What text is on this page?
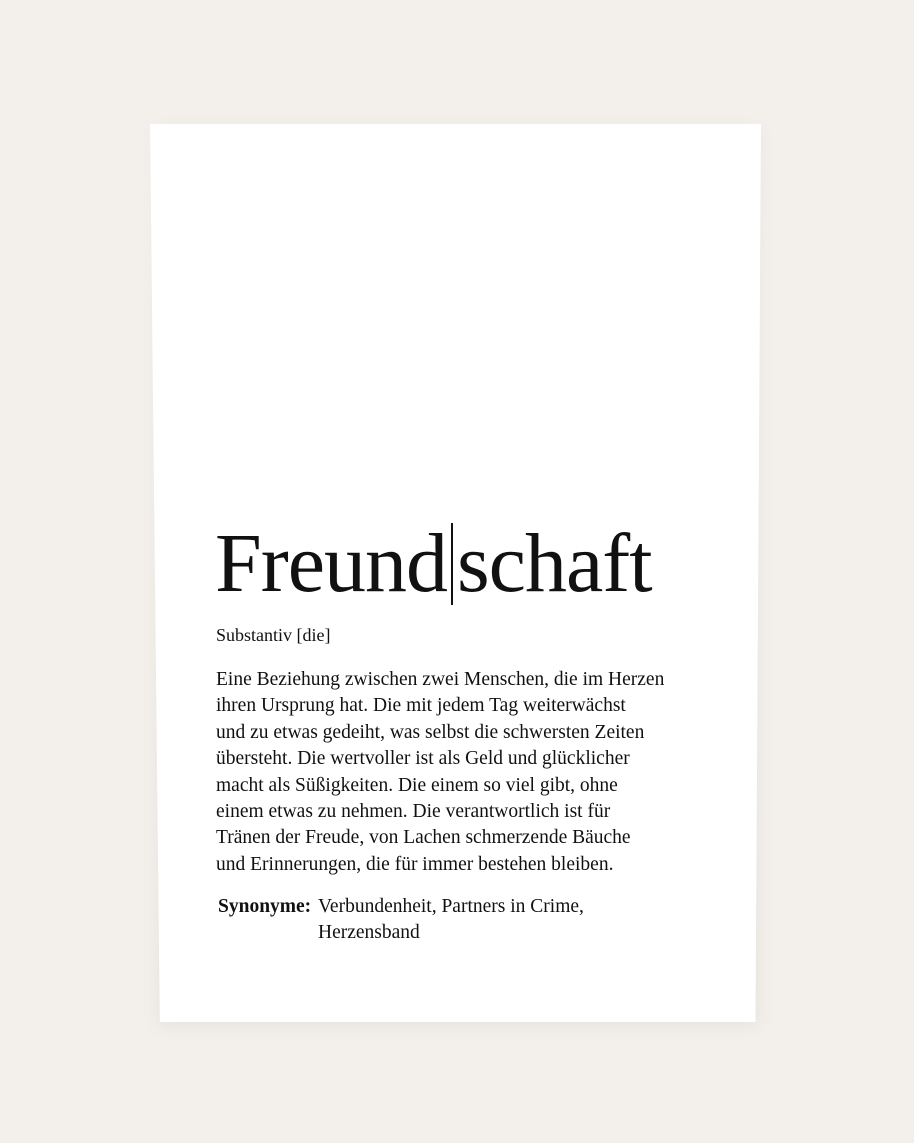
Freund schaft
Substantiv [die]
Eine Beziehung zwischen zwei Menschen, die im Herzen
ihren Ursprung hat. Die mit jedem Tag weiterwächst
und zu etwas gedeiht, was selbst die schwersten Zeiten
übersteht. Die wertvoller ist als Geld und glücklicher
macht als Süßigkeiten. Die einem so viel gibt, ohne
einem etwas zu nehmen. Die verantwortlich ist für
Tränen der Freude, von Lachen schmerzende Bäuche
und Erinnerungen, die für immer bestehen bleiben.
Synonyme: Verbundenheit, Partners in Crime,
Herzensband
